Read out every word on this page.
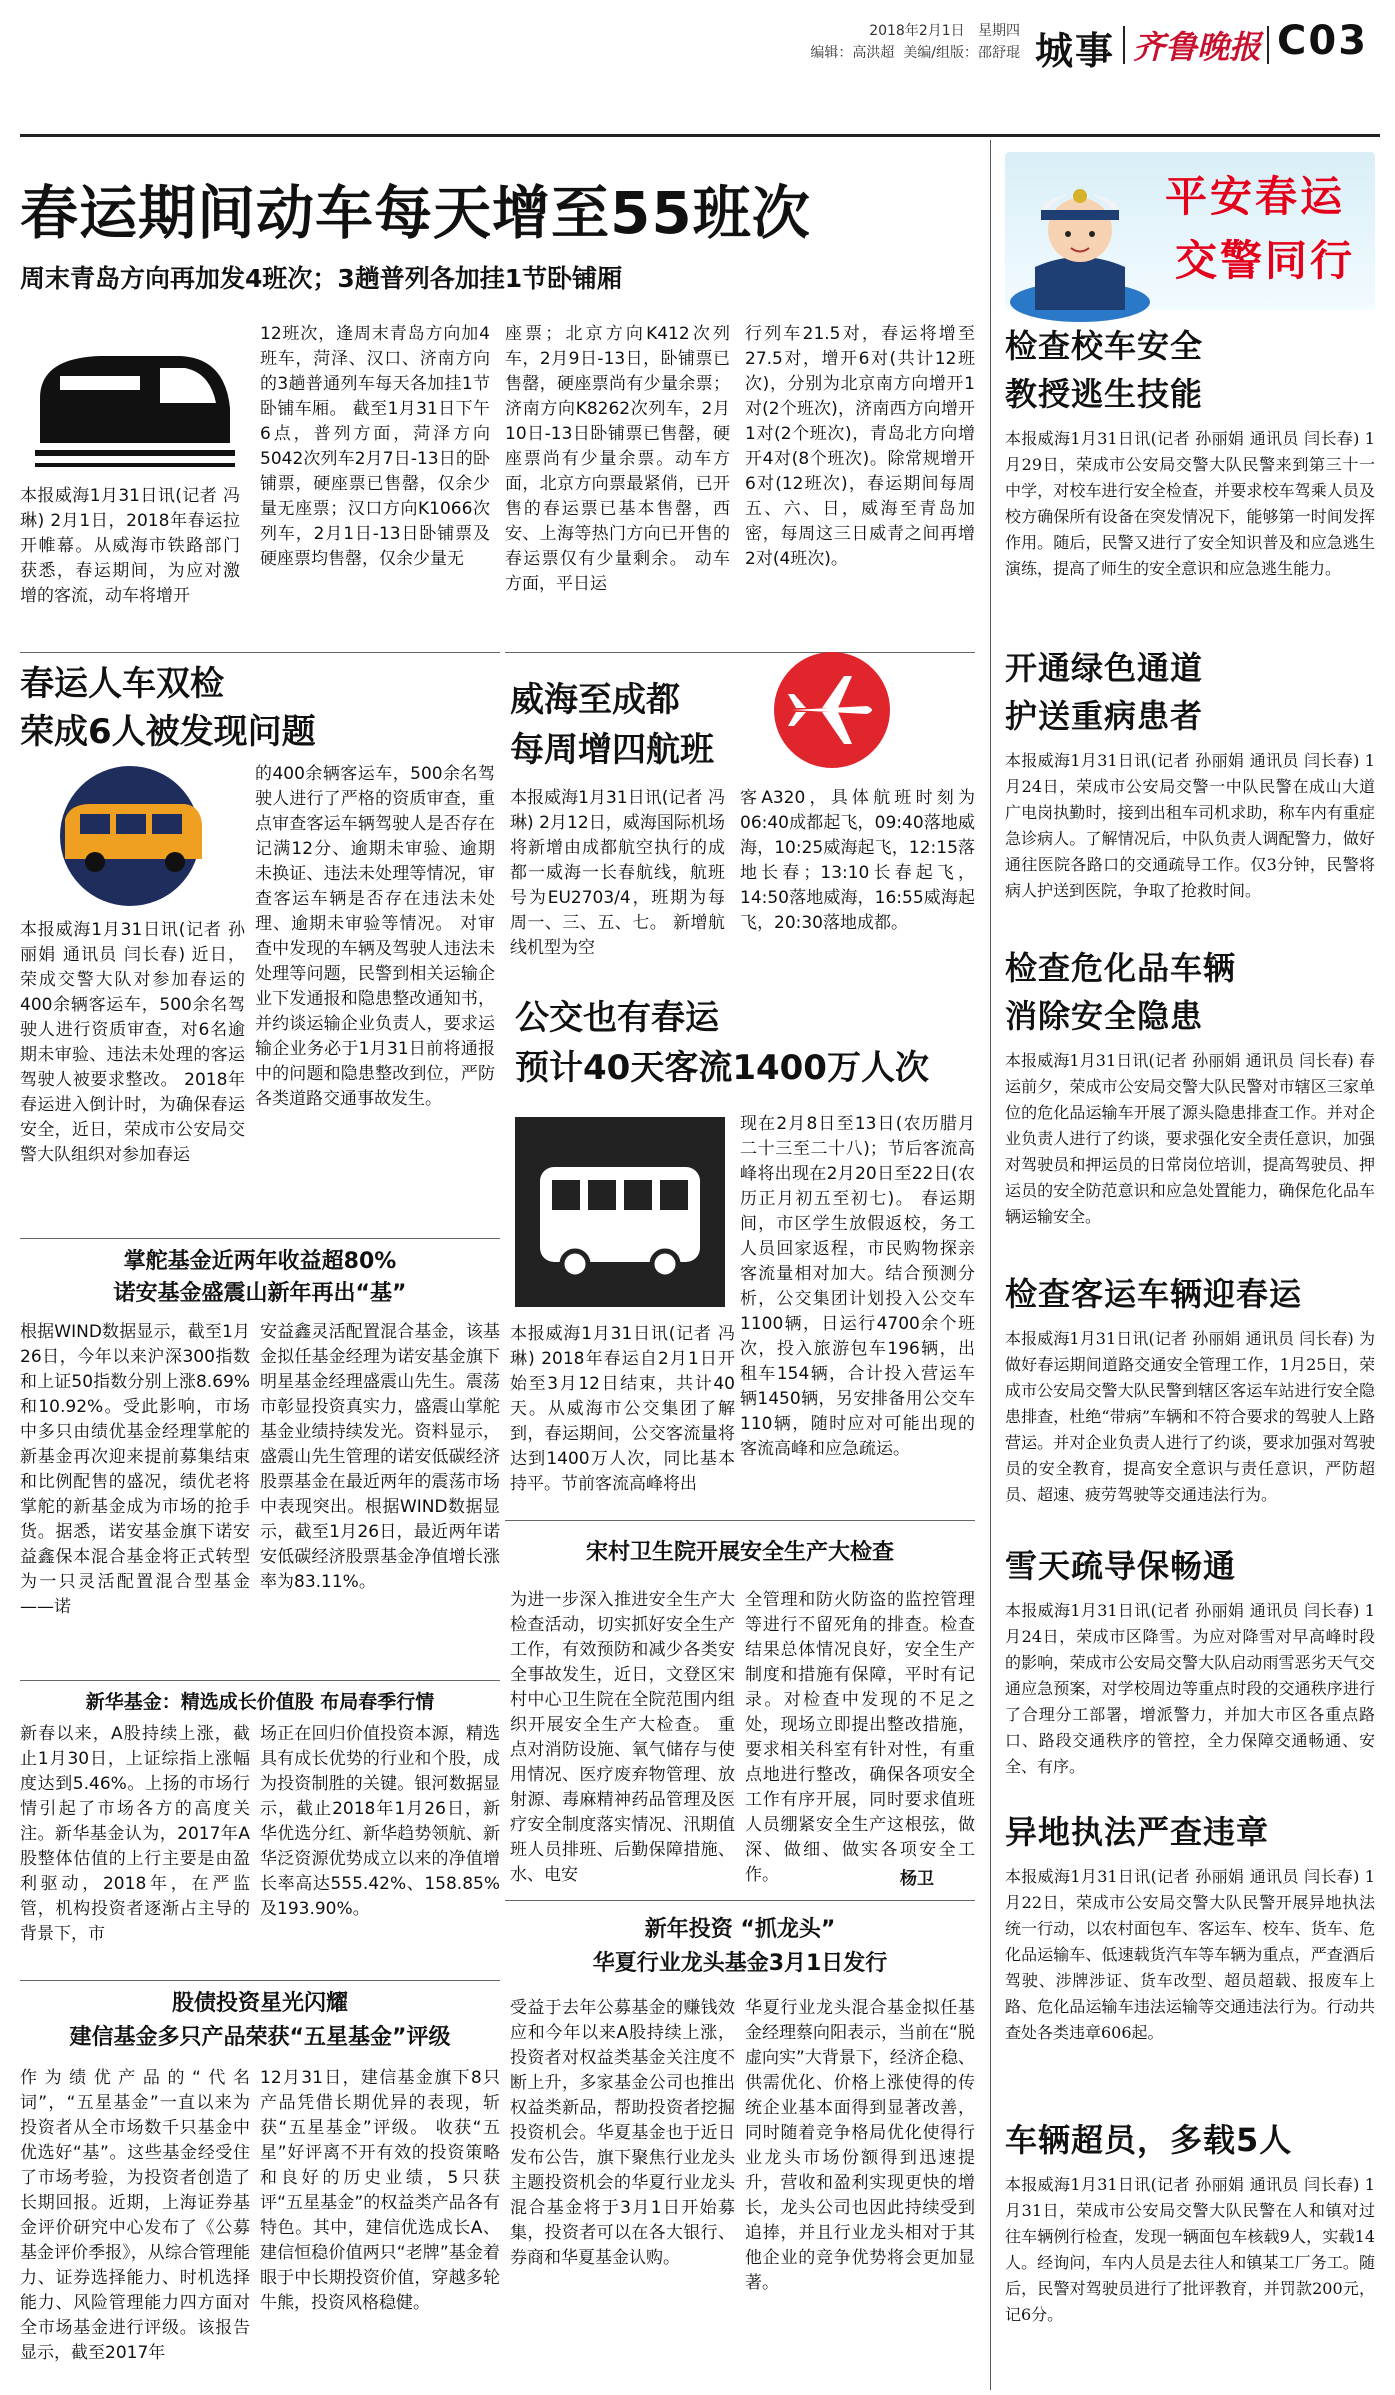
2018年2月1日 星期四
编辑：高洪超 美编/组版：邵舒琨 城事 齐鲁晚报 C03
春运期间动车每天增至55班次
周末青岛方向再加发4班次；3趟普列各加挂1节卧铺厢
本报威海1月31日讯(记者 冯琳) 2月1日，2018年春运拉开帷幕。从威海市铁路部门获悉，春运期间，为应对激增的客流，动车将增开
12班次，逢周末青岛方向加4班车，菏泽、汉口、济南方向的3趟普通列车每天各加挂1节卧铺车厢。 截至1月31日下午6点，普列方面，菏泽方向5042次列车2月7日-13日的卧铺票，硬座票已售罄，仅余少量无座票；汉口方向K1066次列车，2月1日-13日卧铺票及硬座票均售罄，仅余少量无
座票；北京方向K412次列车，2月9日-13日，卧铺票已售罄，硬座票尚有少量余票；济南方向K8262次列车，2月10日-13日卧铺票已售罄，硬座票尚有少量余票。动车方面，北京方向票最紧俏，已开售的春运票已基本售罄，西安、上海等热门方向已开售的春运票仅有少量剩余。 动车方面，平日运
行列车21.5对，春运将增至27.5对，增开6对(共计12班次)，分别为北京南方向增开1对(2个班次)，济南西方向增开1对(2个班次)，青岛北方向增开4对(8个班次)。除常规增开6对(12班次)，春运期间每周五、六、日，威海至青岛加密，每周这三日威青之间再增2对(4班次)。
平安春运
交警同行
春运人车双检
荣成6人被发现问题
本报威海1月31日讯(记者 孙丽娟 通讯员 闫长春) 近日，荣成交警大队对参加春运的400余辆客运车，500余名驾驶人进行资质审查，对6名逾期未审验、违法未处理的客运驾驶人被要求整改。 2018年春运进入倒计时，为确保春运安全，近日，荣成市公安局交警大队组织对参加春运
的400余辆客运车，500余名驾驶人进行了严格的资质审查，重点审查客运车辆驾驶人是否存在记满12分、逾期未审验、逾期未换证、违法未处理等情况，审查客运车辆是否存在违法未处理、逾期未审验等情况。 对审查中发现的车辆及驾驶人违法未处理等问题，民警到相关运输企业下发通报和隐患整改通知书，并约谈运输企业负责人，要求运输企业务必于1月31日前将通报中的问题和隐患整改到位，严防各类道路交通事故发生。
威海至成都
每周增四航班
本报威海1月31日讯(记者 冯琳) 2月12日，威海国际机场将新增由成都航空执行的成都一威海一长春航线，航班号为EU2703/4，班期为每周一、三、五、七。 新增航线机型为空
客A320，具体航班时刻为06:40成都起飞，09:40落地威海，10:25威海起飞，12:15落地长春；13:10长春起飞，14:50落地威海，16:55威海起飞，20:30落地成都。
公交也有春运
预计40天客流1400万人次
本报威海1月31日讯(记者 冯琳) 2018年春运自2月1日开始至3月12日结束，共计40天。从威海市公交集团了解到，春运期间，公交客流量将达到1400万人次，同比基本持平。节前客流高峰将出
现在2月8日至13日(农历腊月二十三至二十八)；节后客流高峰将出现在2月20日至22日(农历正月初五至初七)。 春运期间，市区学生放假返校，务工人员回家返程，市民购物探亲客流量相对加大。结合预测分析，公交集团计划投入公交车1100辆，日运行4700余个班次，投入旅游包车196辆，出租车154辆，合计投入营运车辆1450辆，另安排备用公交车110辆，随时应对可能出现的客流高峰和应急疏运。
宋村卫生院开展安全生产大检查
为进一步深入推进安全生产大检查活动，切实抓好安全生产工作，有效预防和减少各类安全事故发生，近日，文登区宋村中心卫生院在全院范围内组织开展安全生产大检查。 重点对消防设施、氧气储存与使用情况、医疗废弃物管理、放射源、毒麻精神药品管理及医疗安全制度落实情况、汛期值班人员排班、后勤保障措施、水、电安
全管理和防火防盗的监控管理等进行不留死角的排查。检查结果总体情况良好，安全生产制度和措施有保障，平时有记录。对检查中发现的不足之处，现场立即提出整改措施，要求相关科室有针对性，有重点地进行整改，确保各项安全工作有序开展，同时要求值班人员绷紧安全生产这根弦，做深、做细、做实各项安全工作。	杨卫
掌舵基金近两年收益超80%
诺安基金盛震山新年再出“基”
根据WIND数据显示，截至1月26日，今年以来沪深300指数和上证50指数分别上涨8.69%和10.92%。受此影响，市场中多只由绩优基金经理掌舵的新基金再次迎来提前募集结束和比例配售的盛况，绩优老将掌舵的新基金成为市场的抢手货。据悉，诺安基金旗下诺安益鑫保本混合基金将正式转型为一只灵活配置混合型基金——诺
安益鑫灵活配置混合基金，该基金拟任基金经理为诺安基金旗下明星基金经理盛震山先生。震荡市彰显投资真实力，盛震山掌舵基金业绩持续发光。资料显示，盛震山先生管理的诺安低碳经济股票基金在最近两年的震荡市场中表现突出。根据WIND数据显示，截至1月26日，最近两年诺安低碳经济股票基金净值增长涨率为83.11%。
新华基金：精选成长价值股 布局春季行情
新春以来，A股持续上涨，截止1月30日，上证综指上涨幅度达到5.46%。上扬的市场行情引起了市场各方的高度关注。新华基金认为，2017年A股整体估值的上行主要是由盈利驱动，2018年，在严监管，机构投资者逐渐占主导的背景下，市
场正在回归价值投资本源，精选具有成长优势的行业和个股，成为投资制胜的关键。银河数据显示，截止2018年1月26日，新华优选分红、新华趋势领航、新华泛资源优势成立以来的净值增长率高达555.42%、158.85%及193.90%。
股债投资星光闪耀
建信基金多只产品荣获“五星基金”评级
作为绩优产品的“代名词”，“五星基金”一直以来为投资者从全市场数千只基金中优选好“基”。这些基金经受住了市场考验，为投资者创造了长期回报。近期，上海证券基金评价研究中心发布了《公募基金评价季报》，从综合管理能力、证券选择能力、时机选择能力、风险管理能力四方面对全市场基金进行评级。该报告显示，截至2017年
12月31日，建信基金旗下8只产品凭借长期优异的表现，斩获“五星基金”评级。 收获“五星”好评离不开有效的投资策略和良好的历史业绩，5只获评“五星基金”的权益类产品各有特色。其中，建信优选成长A、建信恒稳价值两只“老牌”基金着眼于中长期投资价值，穿越多轮牛熊，投资风格稳健。
新年投资 “抓龙头”
华夏行业龙头基金3月1日发行
受益于去年公募基金的赚钱效应和今年以来A股持续上涨，投资者对权益类基金关注度不断上升，多家基金公司也推出权益类新品，帮助投资者挖掘投资机会。华夏基金也于近日发布公告，旗下聚焦行业龙头主题投资机会的华夏行业龙头混合基金将于3月1日开始募集，投资者可以在各大银行、券商和华夏基金认购。
华夏行业龙头混合基金拟任基金经理蔡向阳表示，当前在“脱虚向实”大背景下，经济企稳、供需优化、价格上涨使得的传统企业基本面得到显著改善，同时随着竞争格局优化使得行业龙头市场份额得到迅速提升，营收和盈利实现更快的增长，龙头公司也因此持续受到追捧，并且行业龙头相对于其他企业的竞争优势将会更加显著。
检查校车安全
教授逃生技能
本报威海1月31日讯(记者 孙丽娟 通讯员 闫长春) 1月29日，荣成市公安局交警大队民警来到第三十一中学，对校车进行安全检查，并要求校车驾乘人员及校方确保所有设备在突发情况下，能够第一时间发挥作用。随后，民警又进行了安全知识普及和应急逃生演练，提高了师生的安全意识和应急逃生能力。
开通绿色通道
护送重病患者
本报威海1月31日讯(记者 孙丽娟 通讯员 闫长春) 1月24日，荣成市公安局交警一中队民警在成山大道广电岗执勤时，接到出租车司机求助，称车内有重症急诊病人。了解情况后，中队负责人调配警力，做好通往医院各路口的交通疏导工作。仅3分钟，民警将病人护送到医院，争取了抢救时间。
检查危化品车辆
消除安全隐患
本报威海1月31日讯(记者 孙丽娟 通讯员 闫长春) 春运前夕，荣成市公安局交警大队民警对市辖区三家单位的危化品运输车开展了源头隐患排查工作。并对企业负责人进行了约谈，要求强化安全责任意识，加强对驾驶员和押运员的日常岗位培训，提高驾驶员、押运员的安全防范意识和应急处置能力，确保危化品车辆运输安全。
检查客运车辆迎春运
本报威海1月31日讯(记者 孙丽娟 通讯员 闫长春) 为做好春运期间道路交通安全管理工作，1月25日，荣成市公安局交警大队民警到辖区客运车站进行安全隐患排查，杜绝“带病”车辆和不符合要求的驾驶人上路营运。并对企业负责人进行了约谈，要求加强对驾驶员的安全教育，提高安全意识与责任意识，严防超员、超速、疲劳驾驶等交通违法行为。
雪天疏导保畅通
本报威海1月31日讯(记者 孙丽娟 通讯员 闫长春) 1月24日，荣成市区降雪。为应对降雪对早高峰时段的影响，荣成市公安局交警大队启动雨雪恶劣天气交通应急预案，对学校周边等重点时段的交通秩序进行了合理分工部署，增派警力，并加大市区各重点路口、路段交通秩序的管控，全力保障交通畅通、安全、有序。
异地执法严查违章
本报威海1月31日讯(记者 孙丽娟 通讯员 闫长春) 1月22日，荣成市公安局交警大队民警开展异地执法统一行动，以农村面包车、客运车、校车、货车、危化品运输车、低速载货汽车等车辆为重点，严查酒后驾驶、涉牌涉证、货车改型、超员超载、报废车上路、危化品运输车违法运输等交通违法行为。行动共查处各类违章606起。
车辆超员，多载5人
本报威海1月31日讯(记者 孙丽娟 通讯员 闫长春) 1月31日，荣成市公安局交警大队民警在人和镇对过往车辆例行检查，发现一辆面包车核载9人，实载14人。经询问，车内人员是去往人和镇某工厂务工。随后，民警对驾驶员进行了批评教育，并罚款200元，记6分。
